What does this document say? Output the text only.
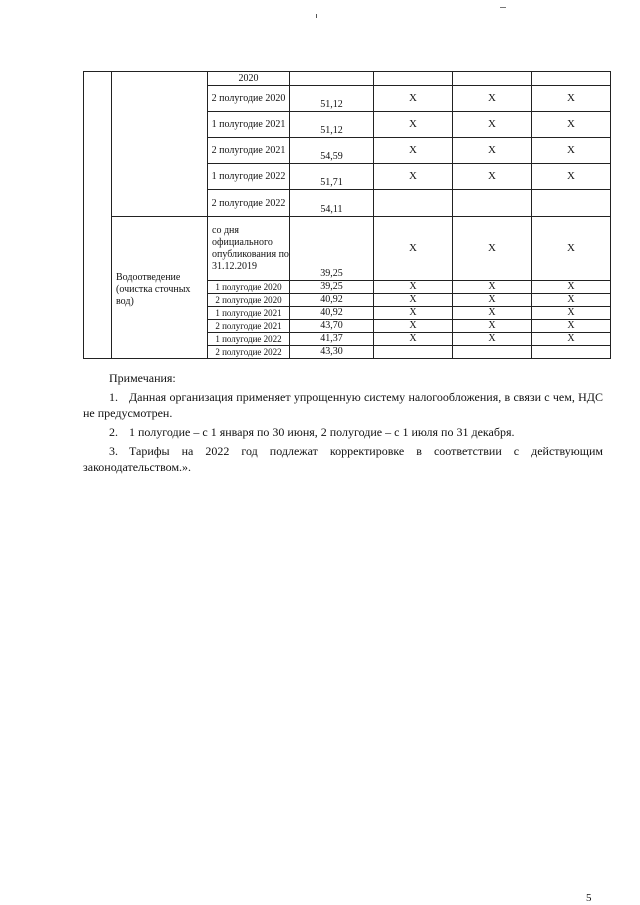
		2020				
		2 полугодие 2020	51,12	Х	Х	Х
		1 полугодие 2021	51,12	Х	Х	Х
		2 полугодие 2021	54,59	Х	Х	Х
		1 полугодие 2022	51,71	Х	Х	Х
		2 полугодие 2022	54,11			

	Водоотведение
(очистка сточных
вод)	со дня официального опубликования по 31.12.2019	39,25	Х	Х	Х
		1 полугодие 2020	39,25	Х	Х	Х
		2 полугодие 2020	40,92	Х	Х	Х
		1 полугодие 2021	40,92	Х	Х	Х
		2 полугодие 2021	43,70	Х	Х	Х
		1 полугодие 2022	41,37	Х	Х	Х
		2 полугодие 2022	43,30			
Примечания:

1. Данная организация применяет упрощенную систему налогообложения, в связи с чем, НДС не предусмотрен.

2. 1 полугодие – с 1 января по 30 июня, 2 полугодие – с 1 июля по 31 декабря.

3. Тарифы на 2022 год подлежат корректировке в соответствии с действующим законодательством.».

5
